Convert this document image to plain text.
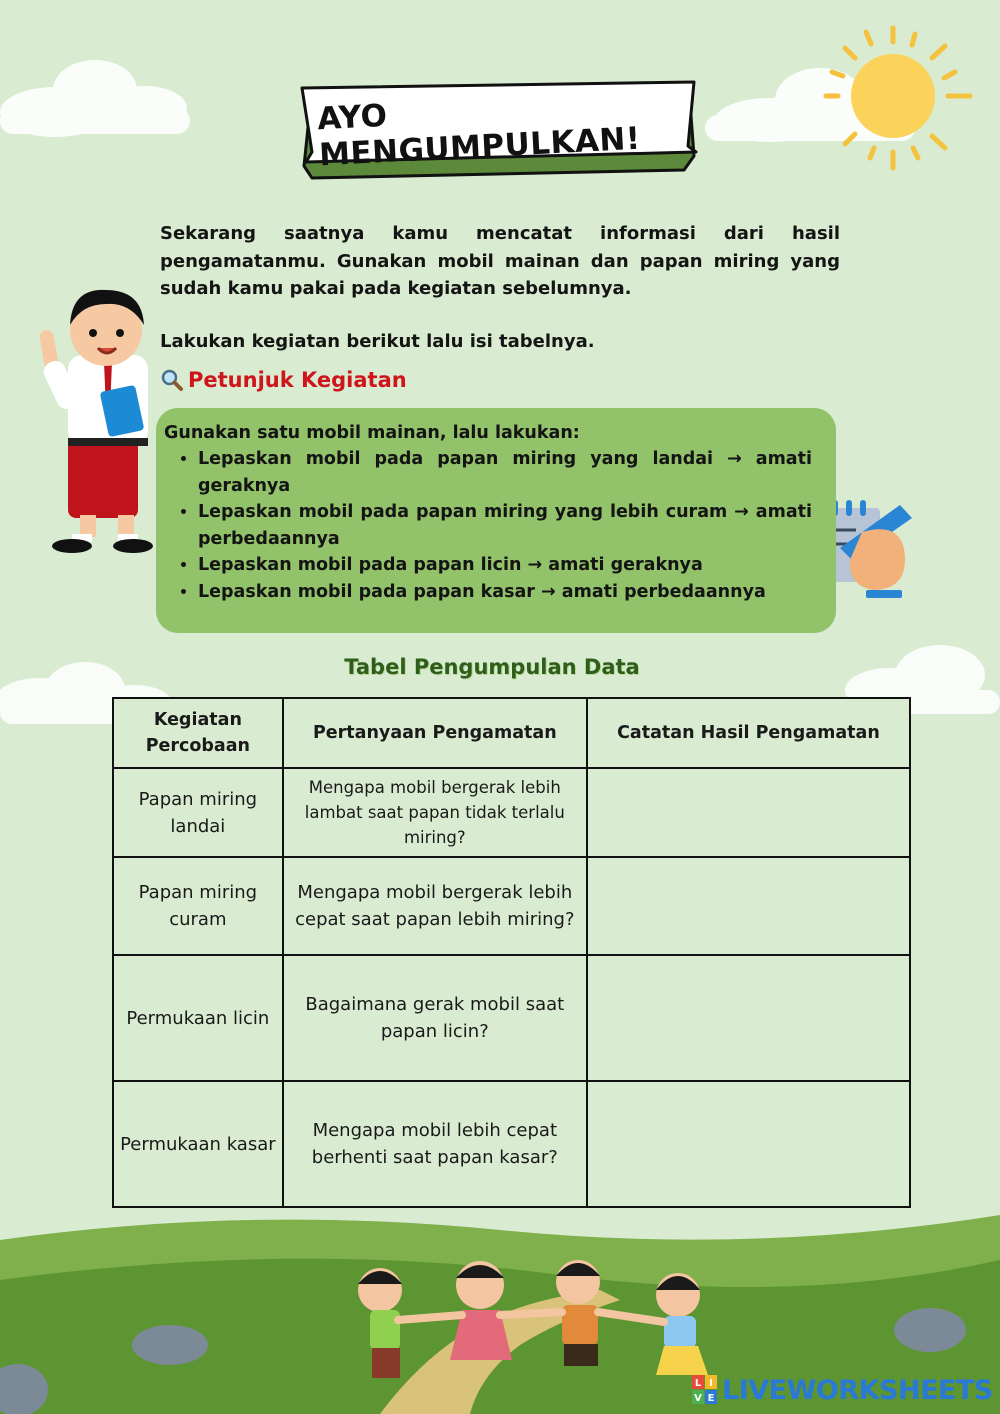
AYO MENGUMPULKAN!
Sekarang saatnya kamu mencatat informasi dari hasil pengamatanmu. Gunakan mobil mainan dan papan miring yang sudah kamu pakai pada kegiatan sebelumnya.
Lakukan kegiatan berikut lalu isi tabelnya.
Petunjuk Kegiatan
Gunakan satu mobil mainan, lalu lakukan:
• Lepaskan mobil pada papan miring yang landai → amati geraknya
• Lepaskan mobil pada papan miring yang lebih curam → amati perbedaannya
• Lepaskan mobil pada papan licin → amati geraknya
• Lepaskan mobil pada papan kasar → amati perbedaannya
Tabel Pengumpulan Data
Kegiatan Percobaan	Pertanyaan Pengamatan	Catatan Hasil Pengamatan
Papan miring landai	Mengapa mobil bergerak lebih lambat saat papan tidak terlalu miring?	
Papan miring curam	Mengapa mobil bergerak lebih cepat saat papan lebih miring?	
Permukaan licin	Bagaimana gerak mobil saat papan licin?	
Permukaan kasar	Mengapa mobil lebih cepat berhenti saat papan kasar?	
L I
V E LIVEWORKSHEETS
